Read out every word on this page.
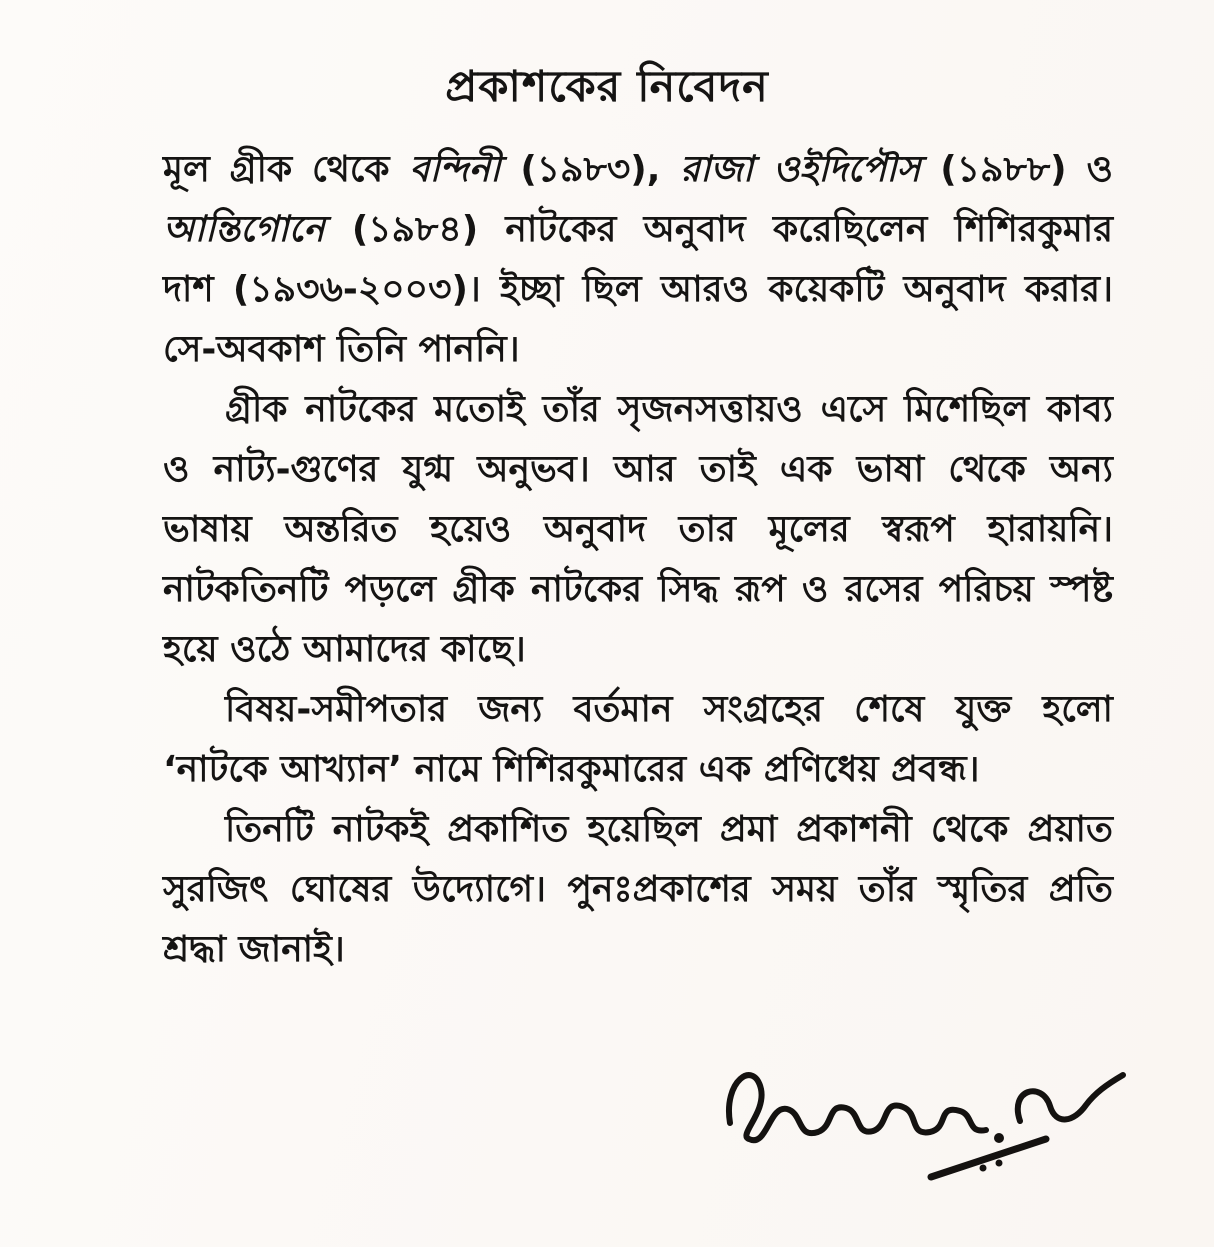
প্রকাশকের নিবেদন
মূল গ্রীক থেকে বন্দিনী (১৯৮৩), রাজা ওইদিপৌস (১৯৮৮) ও
আন্তিগোনে (১৯৮৪) নাটকের অনুবাদ করেছিলেন শিশিরকুমার
দাশ (১৯৩৬-২০০৩)। ইচ্ছা ছিল আরও কয়েকটি অনুবাদ করার।
সে-অবকাশ তিনি পাননি।
গ্রীক নাটকের মতোই তাঁর সৃজনসত্তায়ও এসে মিশেছিল কাব্য
ও নাট্য-গুণের যুগ্ম অনুভব। আর তাই এক ভাষা থেকে অন্য
ভাষায় অন্তরিত হয়েও অনুবাদ তার মূলের স্বরূপ হারায়নি।
নাটকতিনটি পড়লে গ্রীক নাটকের সিদ্ধ রূপ ও রসের পরিচয় স্পষ্ট
হয়ে ওঠে আমাদের কাছে।
বিষয়-সমীপতার জন্য বর্তমান সংগ্রহের শেষে যুক্ত হলো
‘নাটকে আখ্যান’ নামে শিশিরকুমারের এক প্রণিধেয় প্রবন্ধ।
তিনটি নাটকই প্রকাশিত হয়েছিল প্রমা প্রকাশনী থেকে প্রয়াত
সুরজিৎ ঘোষের উদ্যোগে। পুনঃপ্রকাশের সময় তাঁর স্মৃতির প্রতি
শ্রদ্ধা জানাই।
